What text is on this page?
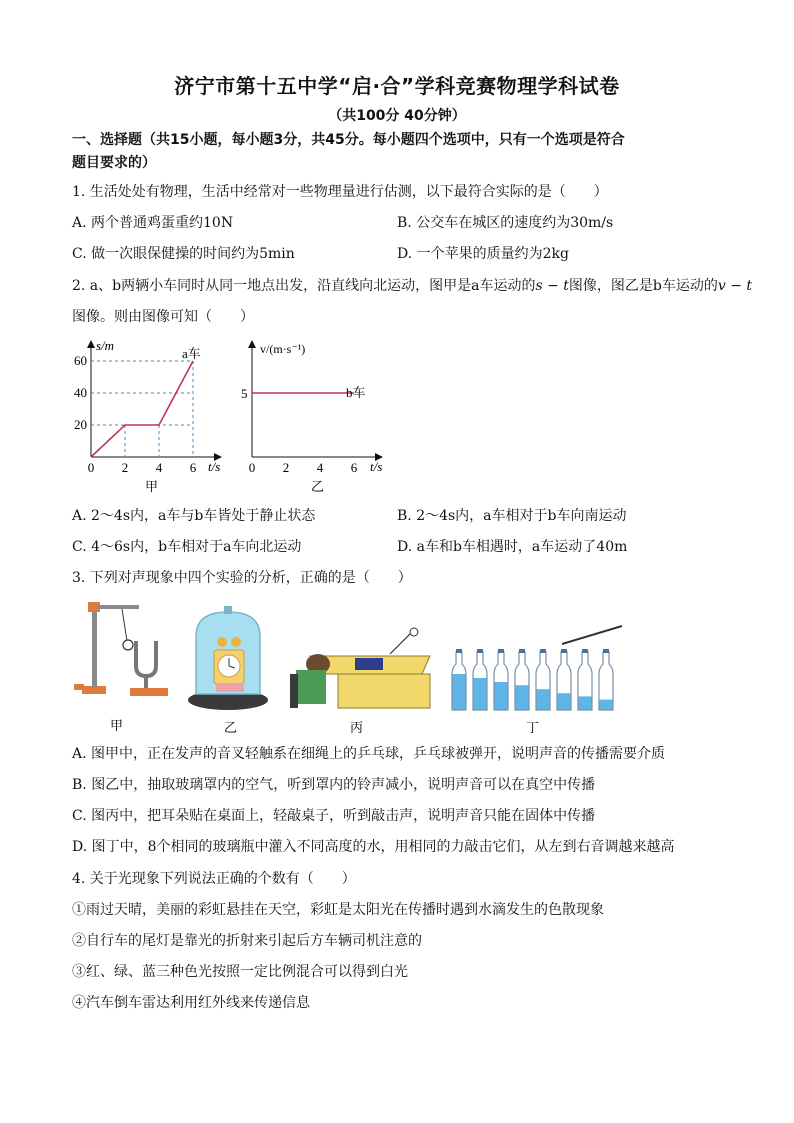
济宁市第十五中学“启·合”学科竞赛物理学科试卷
（共100分 40分钟）
一、选择题（共15小题，每小题3分，共45分。每小题四个选项中，只有一个选项是符合
题目要求的）
1. 生活处处有物理，生活中经常对一些物理量进行估测，以下最符合实际的是（　　）
A. 两个普通鸡蛋重约10N	B. 公交车在城区的速度约为30m/s
C. 做一次眼保健操的时间约为5min	D. 一个苹果的质量约为2kg
2. a、b两辆小车同时从同一地点出发，沿直线向北运动，图甲是a车运动的s − t图像，图乙是b车运动的v − t
图像。则由图像可知（　　）
s/m
t/s
60
40
20
0 2 4 6
a车
甲
v/(m·s⁻¹)
t/s
5
0 2 4 6
b车
乙
A. 2～4s内，a车与b车皆处于静止状态	B. 2～4s内，a车相对于b车向南运动
C. 4～6s内，b车相对于a车向北运动	D. a车和b车相遇时，a车运动了40m
3. 下列对声现象中四个实验的分析，正确的是（　　）
甲	乙	丙	丁
A. 图甲中，正在发声的音叉轻触系在细绳上的乒乓球，乒乓球被弹开，说明声音的传播需要介质
B. 图乙中，抽取玻璃罩内的空气，听到罩内的铃声减小，说明声音可以在真空中传播
C. 图丙中，把耳朵贴在桌面上，轻敲桌子，听到敲击声，说明声音只能在固体中传播
D. 图丁中，8个相同的玻璃瓶中灌入不同高度的水，用相同的力敲击它们，从左到右音调越来越高
4. 关于光现象下列说法正确的个数有（　　）
①雨过天晴，美丽的彩虹悬挂在天空，彩虹是太阳光在传播时遇到水滴发生的色散现象
②自行车的尾灯是靠光的折射来引起后方车辆司机注意的
③红、绿、蓝三种色光按照一定比例混合可以得到白光
④汽车倒车雷达利用红外线来传递信息
